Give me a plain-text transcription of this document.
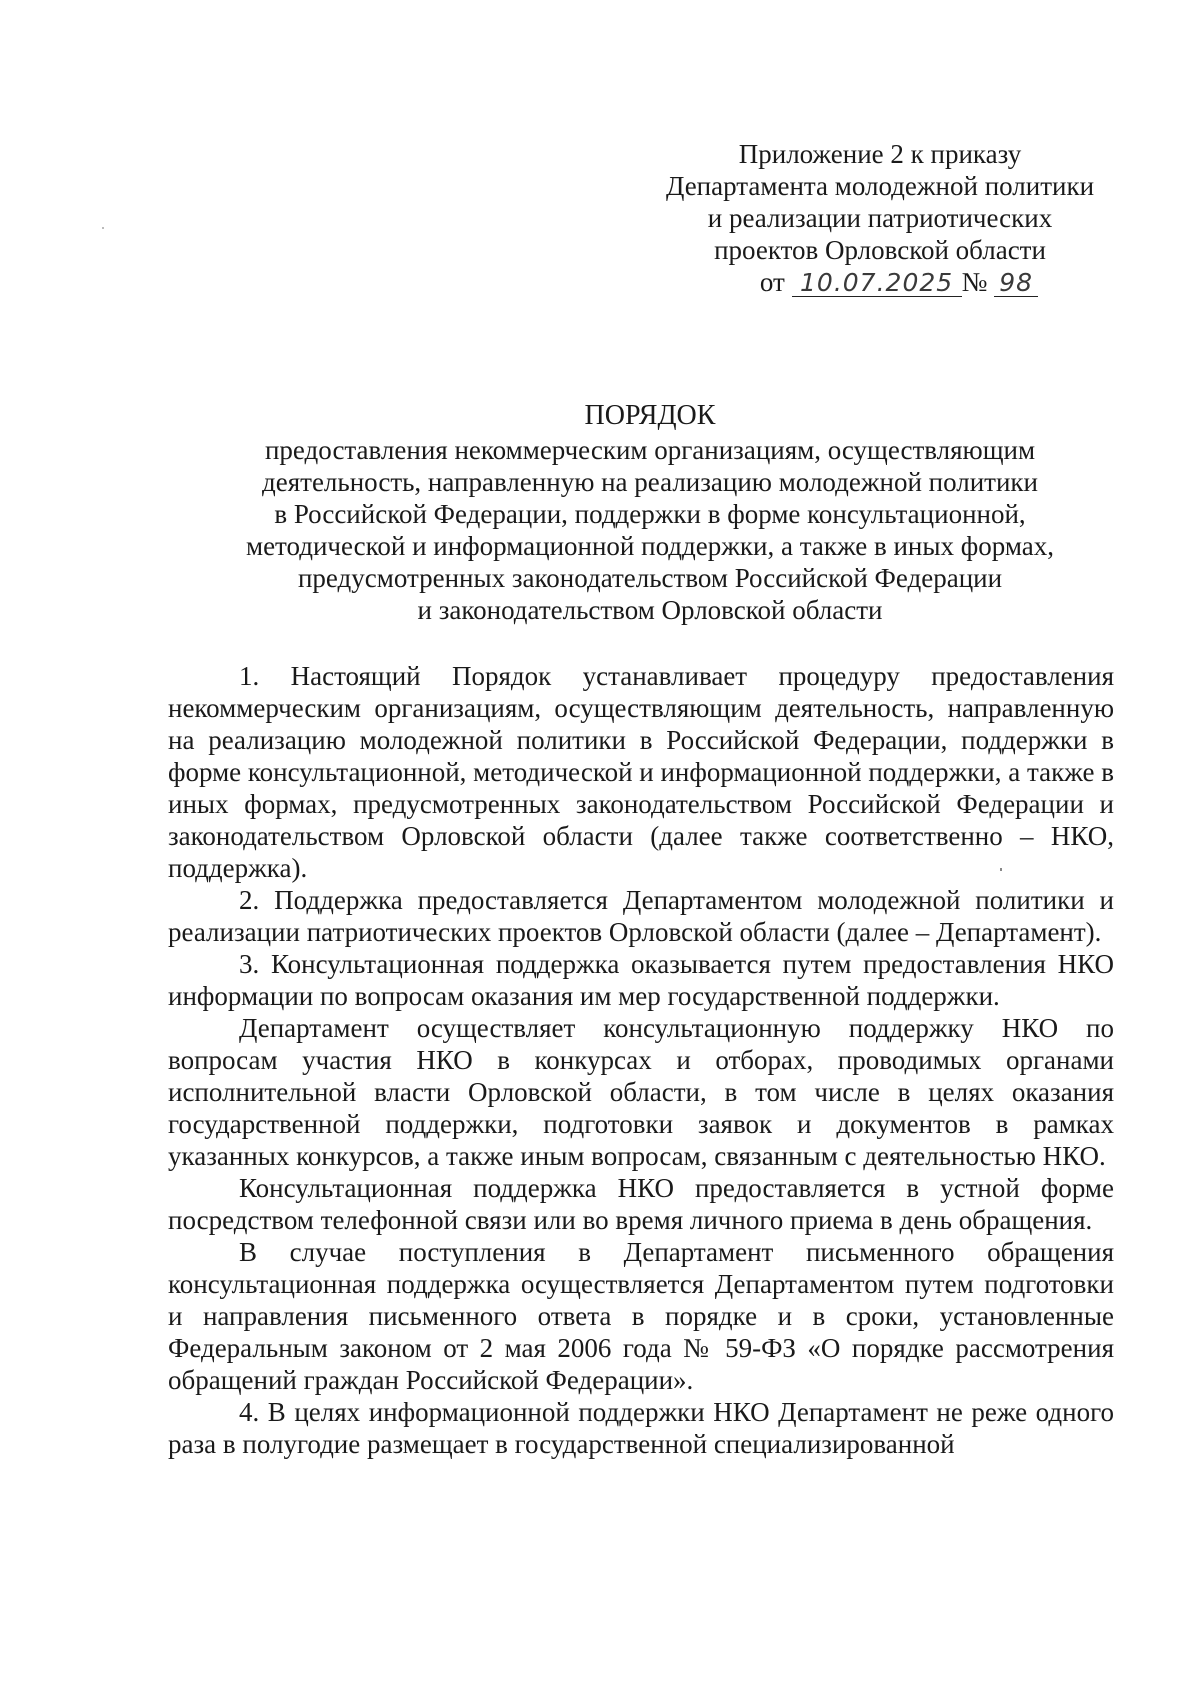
Приложение 2 к приказу
Департамента молодежной политики
и реализации патриотических
проектов Орловской области
от 10.07.2025 № 98
ПОРЯДОК
предоставления некоммерческим организациям, осуществляющим
деятельность, направленную на реализацию молодежной политики
в Российской Федерации, поддержки в форме консультационной,
методической и информационной поддержки, а также в иных формах,
предусмотренных законодательством Российской Федерации
и законодательством Орловской области

1. Настоящий Порядок устанавливает процедуру предоставления некоммерческим организациям, осуществляющим деятельность, направленную на реализацию молодежной политики в Российской Федерации, поддержки в форме консультационной, методической и информационной поддержки, а также в иных формах, предусмотренных законодательством Российской Федерации и законодательством Орловской области (далее также соответственно – НКО, поддержка).

2. Поддержка предоставляется Департаментом молодежной политики и реализации патриотических проектов Орловской области (далее – Департамент).

3. Консультационная поддержка оказывается путем предоставления НКО информации по вопросам оказания им мер государственной поддержки.

Департамент осуществляет консультационную поддержку НКО по вопросам участия НКО в конкурсах и отборах, проводимых органами исполнительной власти Орловской области, в том числе в целях оказания государственной поддержки, подготовки заявок и документов в рамках указанных конкурсов, а также иным вопросам, связанным с деятельностью НКО.

Консультационная поддержка НКО предоставляется в устной форме посредством телефонной связи или во время личного приема в день обращения.

В случае поступления в Департамент письменного обращения консультационная поддержка осуществляется Департаментом путем подготовки и направления письменного ответа в порядке и в сроки, установленные Федеральным законом от 2 мая 2006 года № 59-ФЗ «О порядке рассмотрения обращений граждан Российской Федерации».

4. В целях информационной поддержки НКО Департамент не реже одного раза в полугодие размещает в государственной специализированной
